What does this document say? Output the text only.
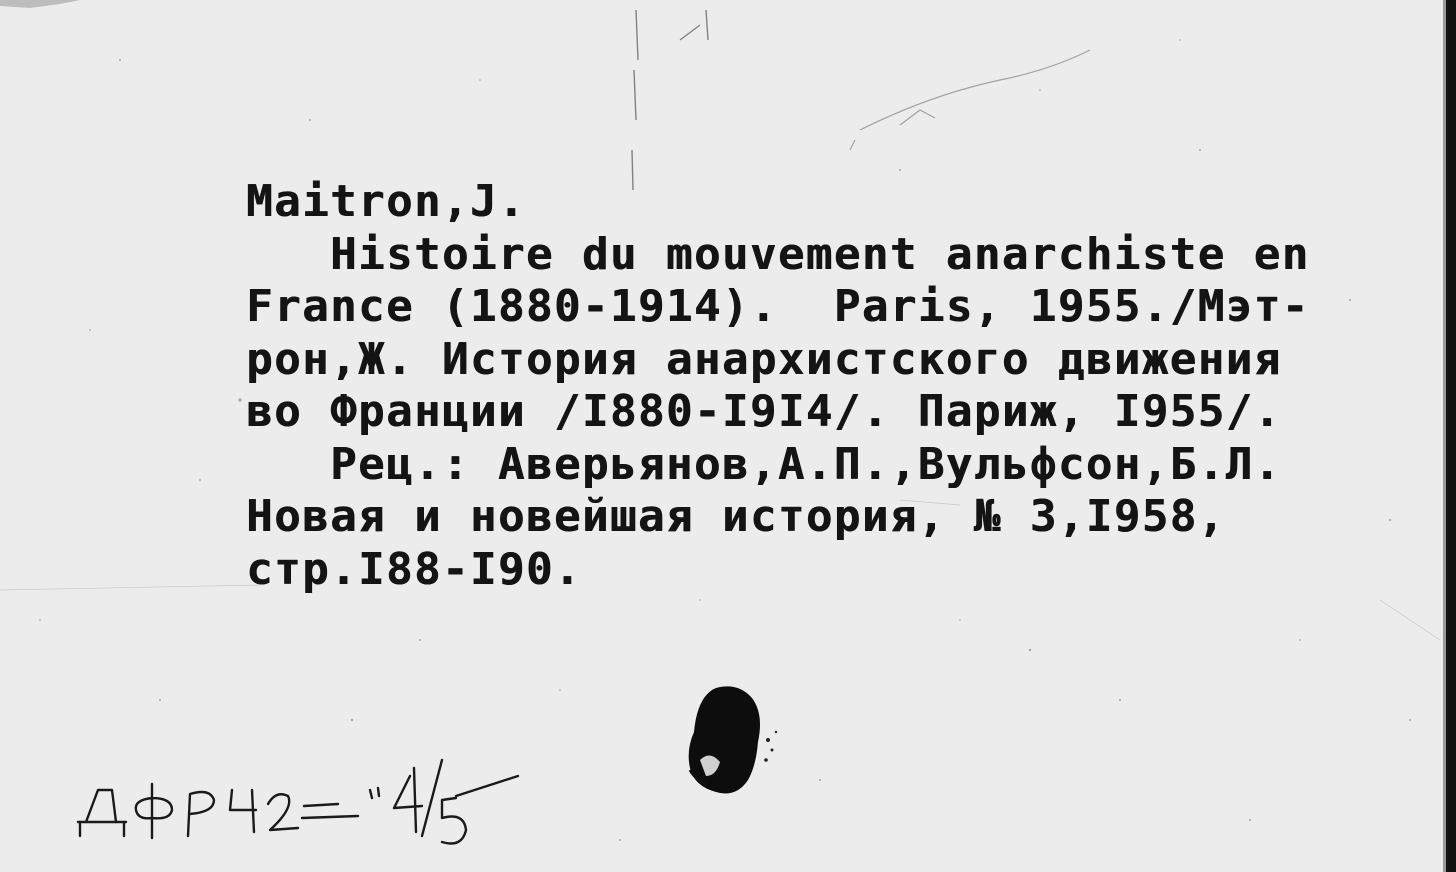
Maitron,J.
Histoire du mouvement anarchiste en
France (1880-1914).  Paris, 1955./Мэт-
рон,Ж. История анархистского движения
во Франции /I880-I9I4/. Париж, I955/.
Рец.: Аверьянов,А.П.,Вульфсон,Б.Л.
Новая и новейшая история, № 3,I958,
стр.I88-I90.
